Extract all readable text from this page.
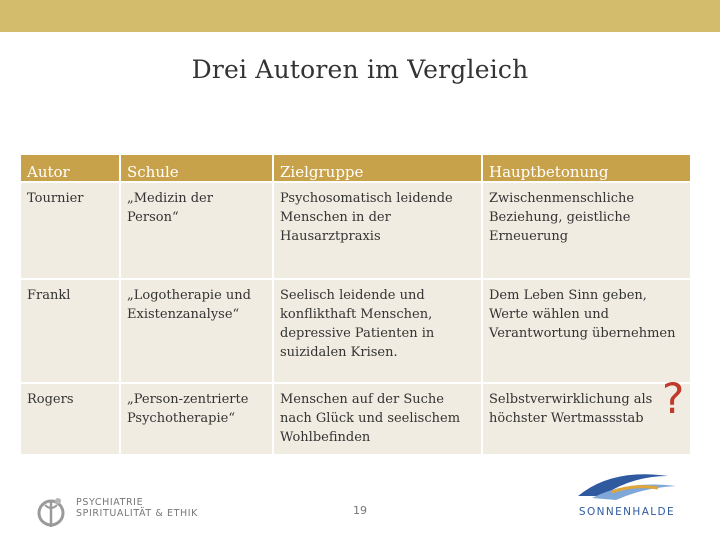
Drei Autoren im Vergleich
Autor	Schule	Zielgruppe	Hauptbetonung
Tournier	„Medizin der Person“	Psychosomatisch leidende Menschen in der Hausarztpraxis	Zwischenmenschliche Beziehung, geistliche Erneuerung
Frankl	„Logotherapie und Existenzanalyse“	Seelisch leidende und konflikthaft Menschen, depressive Patienten in suizidalen Krisen.	Dem Leben Sinn geben, Werte wählen und Verantwortung übernehmen
Rogers	„Person-zentrierte Psychotherapie“	Menschen auf der Suche nach Glück und seelischem Wohlbefinden	Selbstverwirklichung als höchster Wertmassstab ?
PSYCHIATRIE
SPIRITUALITÄT & ETHIK	19	SONNENHALDE
